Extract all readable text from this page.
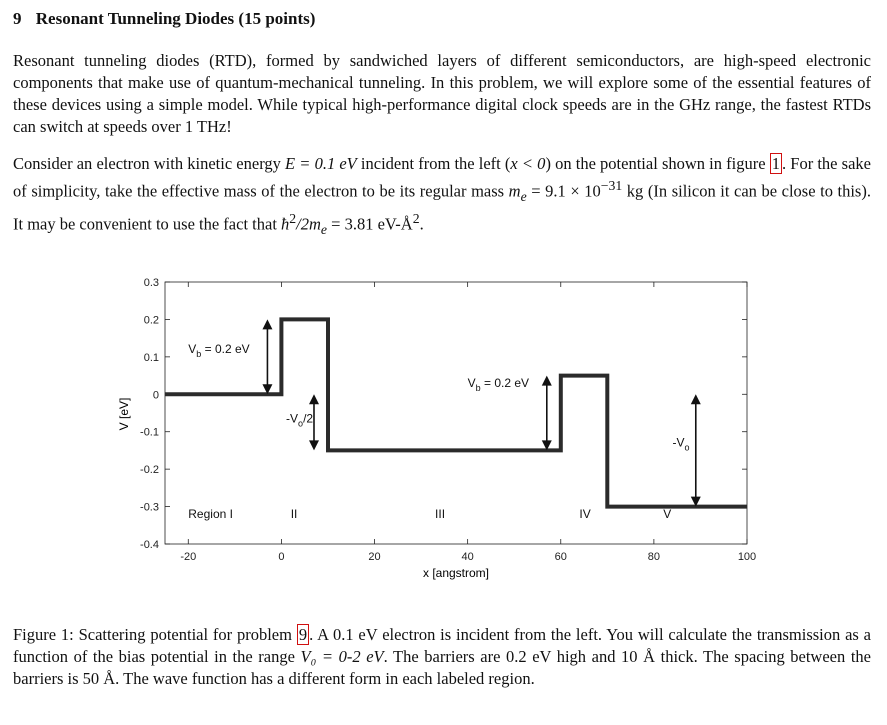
9 Resonant Tunneling Diodes (15 points)

Resonant tunneling diodes (RTD), formed by sandwiched layers of different semiconductors, are high-speed electronic components that make use of quantum-mechanical tunneling. In this problem, we will explore some of the essential features of these devices using a simple model. While typical high-performance digital clock speeds are in the GHz range, the fastest RTDs can switch at speeds over 1 THz!

Consider an electron with kinetic energy E = 0.1 eV incident from the left (x < 0) on the potential shown in figure 1 . For the sake of simplicity, take the effective mass of the electron to be its regular mass $m_e = 9.1 \times 10^{-31}$ kg (In silicon it can be close to this). It may be convenient to use the fact that $ħ^2/2m_e = 3.81$ $eV-Å^2$.

-20	0	20	40	60	80	100
-0.4
-0.3
-0.2
-0.1
0
0.1
0.2
0.3
$V_b = 0.2$ eV
$-V_o/2$
$V_b = 0.2$ eV
$-V_o$
Region I	II	III	IV	V
V [eV]
x [angstrom]

Figure 1: Scattering potential for problem 9 . A 0.1 eV electron is incident from the left. You will calculate the transmission as a function of the bias potential in the range V₀ = 0-2 eV. The barriers are 0.2 eV high and 10 Å thick. The spacing between the barriers is 50 Å. The wave function has a different form in each labeled region.
